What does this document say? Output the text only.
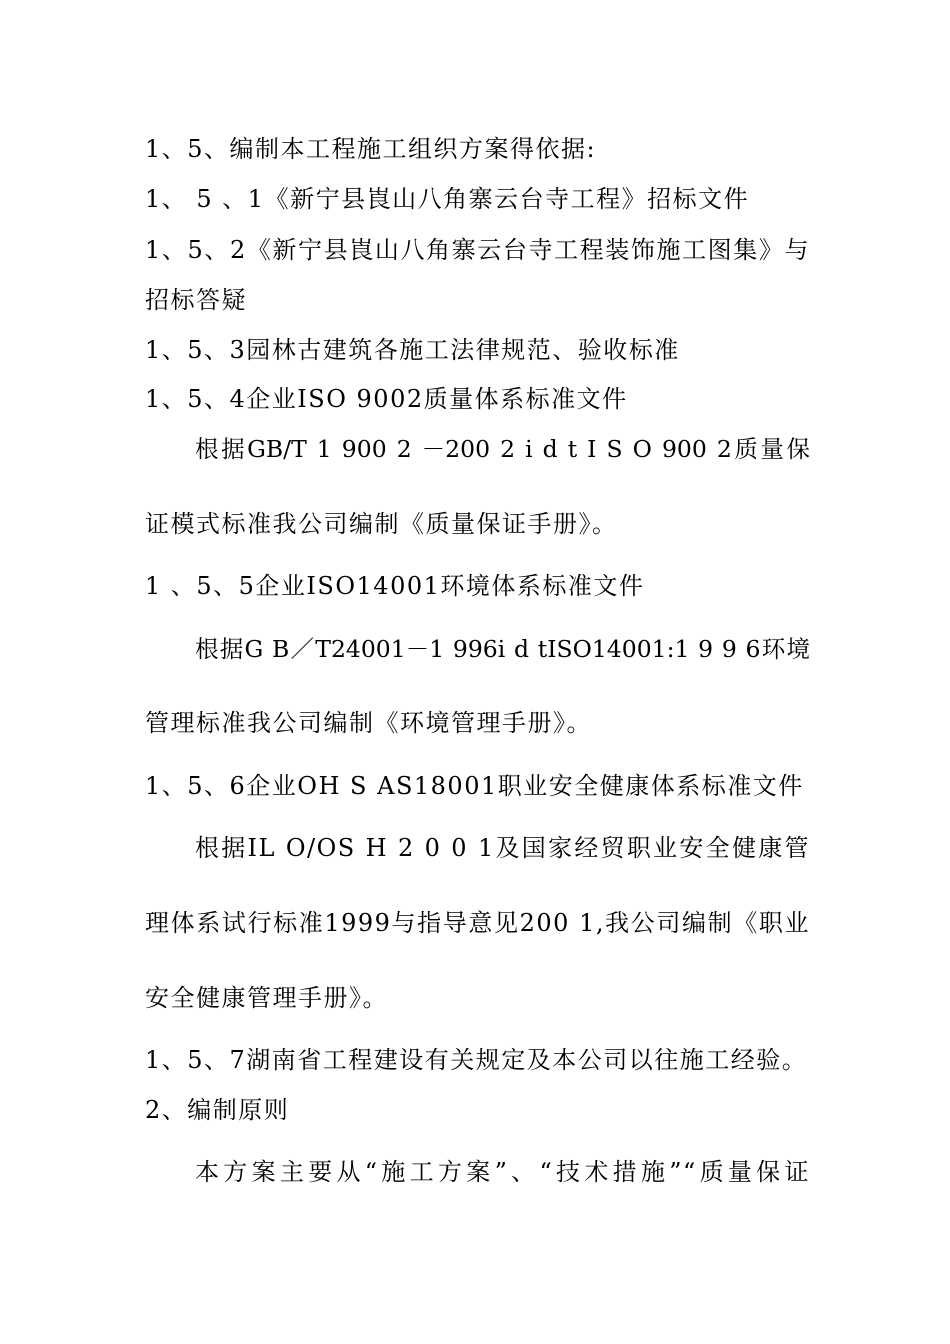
1、5、编制本工程施工组织方案得依据:
1、 5 、1《新宁县崀山八角寨云台寺工程》招标文件
1、5、2《新宁县崀山八角寨云台寺工程装饰施工图集》与
招标答疑
1、5、3园林古建筑各施工法律规范、验收标准
1、5、4企业ISO 9002质量体系标准文件
根据GB/T 1 900 2 －200 2 i d t I S O 900 2质量保
证模式标准我公司编制《质量保证手册》。
1 、5、5企业ISO14001环境体系标准文件
根据G B／T24001－1 996i d tISO14001:1 9 9 6环境
管理标准我公司编制《环境管理手册》。
1、5、6企业OH S AS18001职业安全健康体系标准文件
根据IL O/OS H 2 0 0 1及国家经贸职业安全健康管
理体系试行标准1999与指导意见200 1,我公司编制《职业
安全健康管理手册》。
1、5、7湖南省工程建设有关规定及本公司以往施工经验。
2、编制原则
本方案主要从“施工方案”、“技术措施”“质量保证
